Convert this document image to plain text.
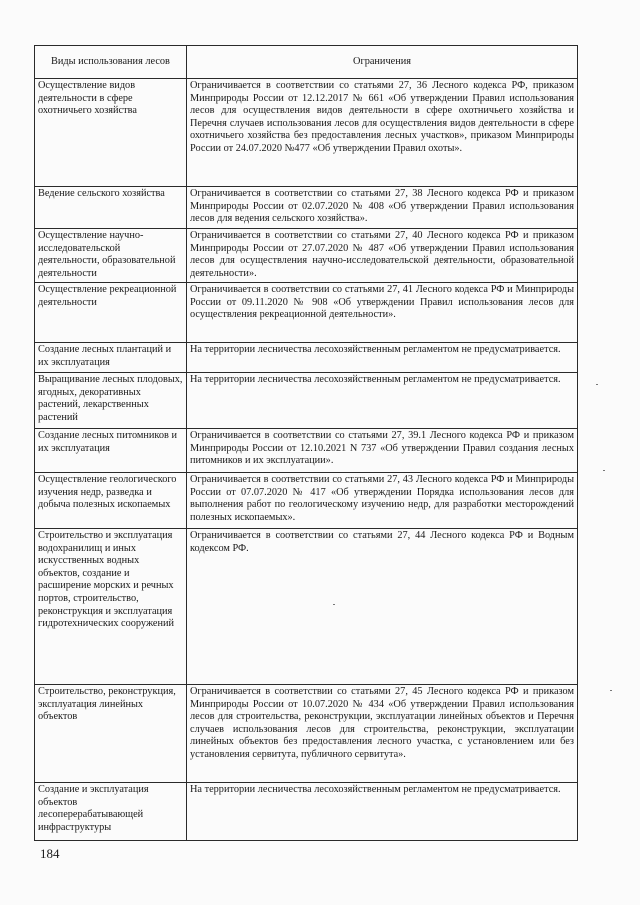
Виды использования лесов	Ограничения
Осуществление видов деятельности в сфере охотничьего хозяйства	Ограничивается в соответствии со статьями 27, 36 Лесного кодекса РФ, приказом Минприроды России от 12.12.2017 № 661 «Об утверждении Правил использования лесов для осуществления видов деятельности в сфере охотничьего хозяйства и Перечня случаев использования лесов для осуществления видов деятельности в сфере охотничьего хозяйства без предоставления лесных участков», приказом Минприроды России от 24.07.2020 №477 «Об утверждении Правил охоты».
Ведение сельского хозяйства	Ограничивается в соответствии со статьями 27, 38 Лесного кодекса РФ и приказом Минприроды России от 02.07.2020 № 408 «Об утверждении Правил использования лесов для ведения сельского хозяйства».
Осуществление научно-исследовательской деятельности, образовательной деятельности	Ограничивается в соответствии со статьями 27, 40 Лесного кодекса РФ и приказом Минприроды России от 27.07.2020 № 487 «Об утверждении Правил использования лесов для осуществления научно-исследовательской деятельности, образовательной деятельности».
Осуществление рекреационной деятельности	Ограничивается в соответствии со статьями 27, 41 Лесного кодекса РФ и Минприроды России от 09.11.2020 № 908 «Об утверждении Правил использования лесов для осуществления рекреационной деятельности».
Создание лесных плантаций и их эксплуатация	На территории лесничества лесохозяйственным регламентом не предусматривается.
Выращивание лесных плодовых, ягодных, декоративных растений, лекарственных растений	На территории лесничества лесохозяйственным регламентом не предусматривается.
Создание лесных питомников и их эксплуатация	Ограничивается в соответствии со статьями 27, 39.1 Лесного кодекса РФ и приказом Минприроды России от 12.10.2021 N 737 «Об утверждении Правил создания лесных питомников и их эксплуатации».
Осуществление геологического изучения недр, разведка и добыча полезных ископаемых	Ограничивается в соответствии со статьями 27, 43 Лесного кодекса РФ и Минприроды России от 07.07.2020 № 417 «Об утверждении Порядка использования лесов для выполнения работ по геологическому изучению недр, для разработки месторождений полезных ископаемых».
Строительство и эксплуатация водохранилищ и иных искусственных водных объектов, создание и расширение морских и речных портов, строительство, реконструкция и эксплуатация гидротехнических сооружений	Ограничивается в соответствии со статьями 27, 44 Лесного кодекса РФ и Водным кодексом РФ.
Строительство, реконструкция, эксплуатация линейных объектов	Ограничивается в соответствии со статьями 27, 45 Лесного кодекса РФ и приказом Минприроды России от 10.07.2020 № 434 «Об утверждении Правил использования лесов для строительства, реконструкции, эксплуатации линейных объектов и Перечня случаев использования лесов для строительства, реконструкции, эксплуатации линейных объектов без предоставления лесного участка, с установлением или без установления сервитута, публичного сервитута».
Создание и эксплуатация объектов лесоперерабатывающей инфраструктуры	На территории лесничества лесохозяйственным регламентом не предусматривается.
184
